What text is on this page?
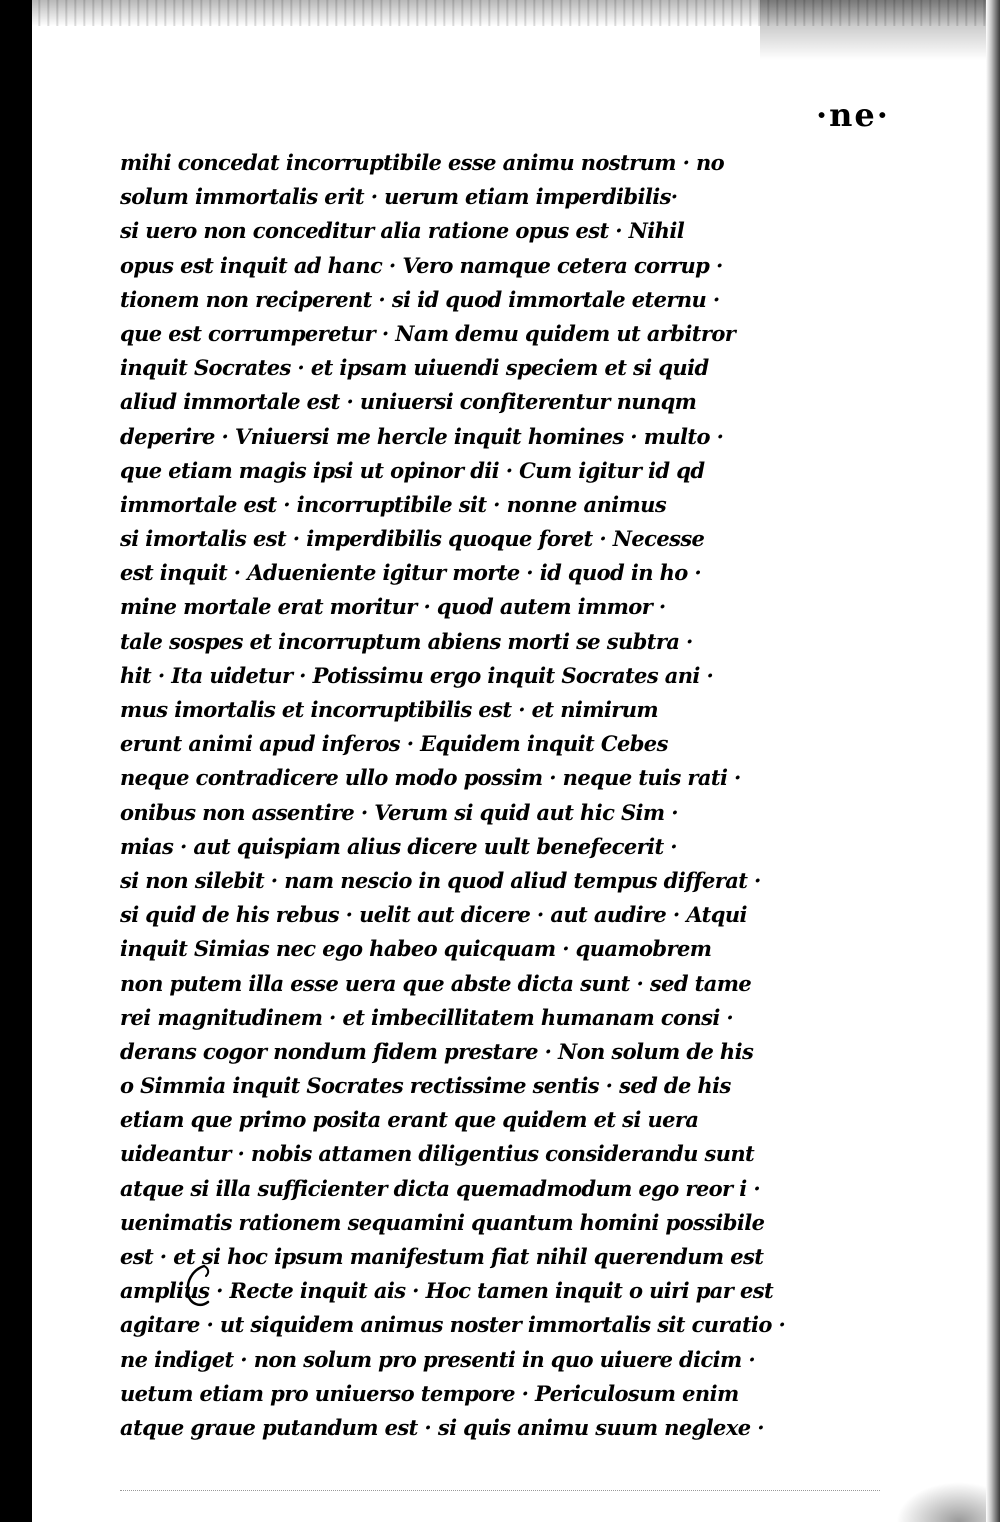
·ne·
mihi concedat incorruptibile esse animu nostrum · no
solum immortalis erit · uerum etiam imperdibilis·
si uero non conceditur alia ratione opus est · Nihil
opus est inquit ad hanc · Vero namque cetera corrup ·
tionem non reciperent · si id quod immortale eternu ·
que est corrumperetur · Nam demu quidem ut arbitror
inquit Socrates · et ipsam uiuendi speciem et si quid
aliud immortale est · uniuersi confiterentur nunqm
deperire · Vniuersi me hercle inquit homines · multo ·
que etiam magis ipsi ut opinor dii · Cum igitur id qd
immortale est · incorruptibile sit · nonne animus
si imortalis est · imperdibilis quoque foret · Necesse
est inquit · Adueniente igitur morte · id quod in ho ·
mine mortale erat moritur · quod autem immor ·
tale sospes et incorruptum abiens morti se subtra ·
hit · Ita uidetur · Potissimu ergo inquit Socrates ani ·
mus imortalis et incorruptibilis est · et nimirum
erunt animi apud inferos · Equidem inquit Cebes
neque contradicere ullo modo possim · neque tuis rati ·
onibus non assentire · Verum si quid aut hic Sim ·
mias · aut quispiam alius dicere uult benefecerit ·
si non silebit · nam nescio in quod aliud tempus differat ·
si quid de his rebus · uelit aut dicere · aut audire · Atqui
inquit Simias nec ego habeo quicquam · quamobrem
non putem illa esse uera que abste dicta sunt · sed tame
rei magnitudinem · et imbecillitatem humanam consi ·
derans cogor nondum fidem prestare · Non solum de his
o Simmia inquit Socrates rectissime sentis · sed de his
etiam que primo posita erant que quidem et si uera
uideantur · nobis attamen diligentius considerandu sunt
atque si illa sufficienter dicta quemadmodum ego reor i ·
uenimatis rationem sequamini quantum homini possibile
est · et si hoc ipsum manifestum fiat nihil querendum est
amplius · Recte inquit ais · Hoc tamen inquit o uiri par est
agitare · ut siquidem animus noster immortalis sit curatio ·
ne indiget · non solum pro presenti in quo uiuere dicim ·
uetum etiam pro uniuerso tempore · Periculosum enim
atque graue putandum est · si quis animu suum neglexe ·
